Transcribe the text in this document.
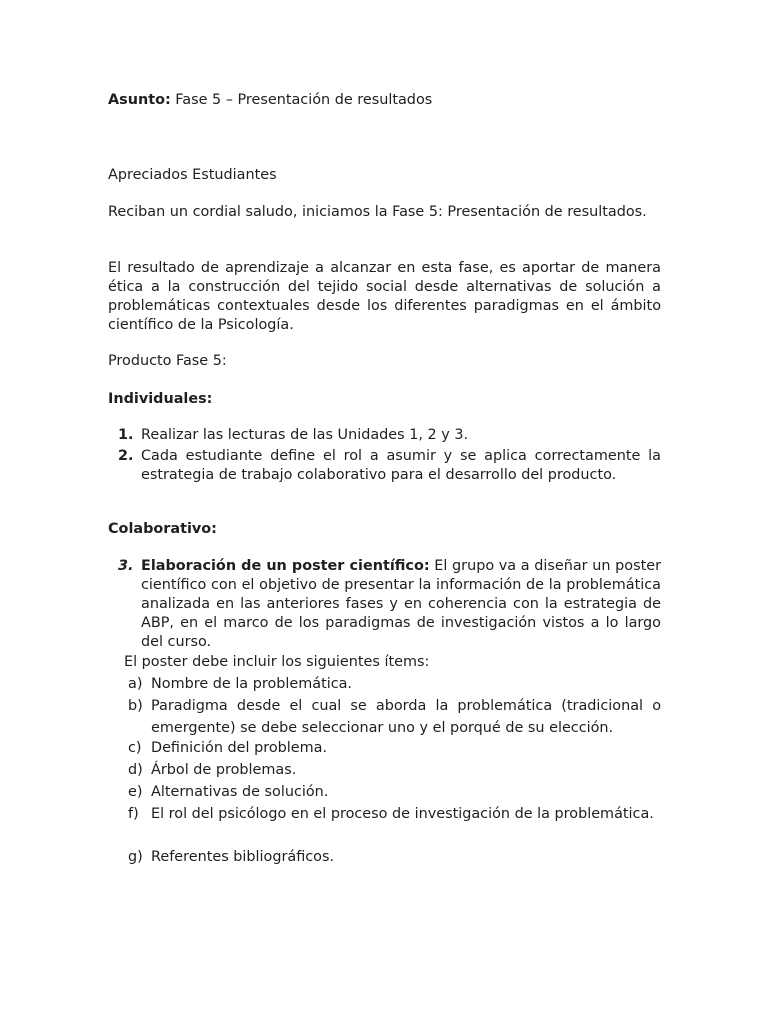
Asunto: Fase 5 – Presentación de resultados
Apreciados Estudiantes
Reciban un cordial saludo, iniciamos la Fase 5: Presentación de resultados.
El resultado de aprendizaje a alcanzar en esta fase, es aportar de manera ética a la construcción del tejido social desde alternativas de solución a problemáticas contextuales desde los diferentes paradigmas en el ámbito científico de la Psicología.
Producto Fase 5:
Individuales:
1. Realizar las lecturas de las Unidades 1, 2 y 3.
2. Cada estudiante define el rol a asumir y se aplica correctamente la estrategia de trabajo colaborativo para el desarrollo del producto.
Colaborativo:
3. Elaboración de un poster científico: El grupo va a diseñar un poster científico con el objetivo de presentar la información de la problemática analizada en las anteriores fases y en coherencia con la estrategia de ABP, en el marco de los paradigmas de investigación vistos a lo largo del curso.
El poster debe incluir los siguientes ítems:
a) Nombre de la problemática.
b) Paradigma desde el cual se aborda la problemática (tradicional o emergente) se debe seleccionar uno y el porqué de su elección.
c) Definición del problema.
d) Árbol de problemas.
e) Alternativas de solución.
f) El rol del psicólogo en el proceso de investigación de la problemática.
g) Referentes bibliográficos.
